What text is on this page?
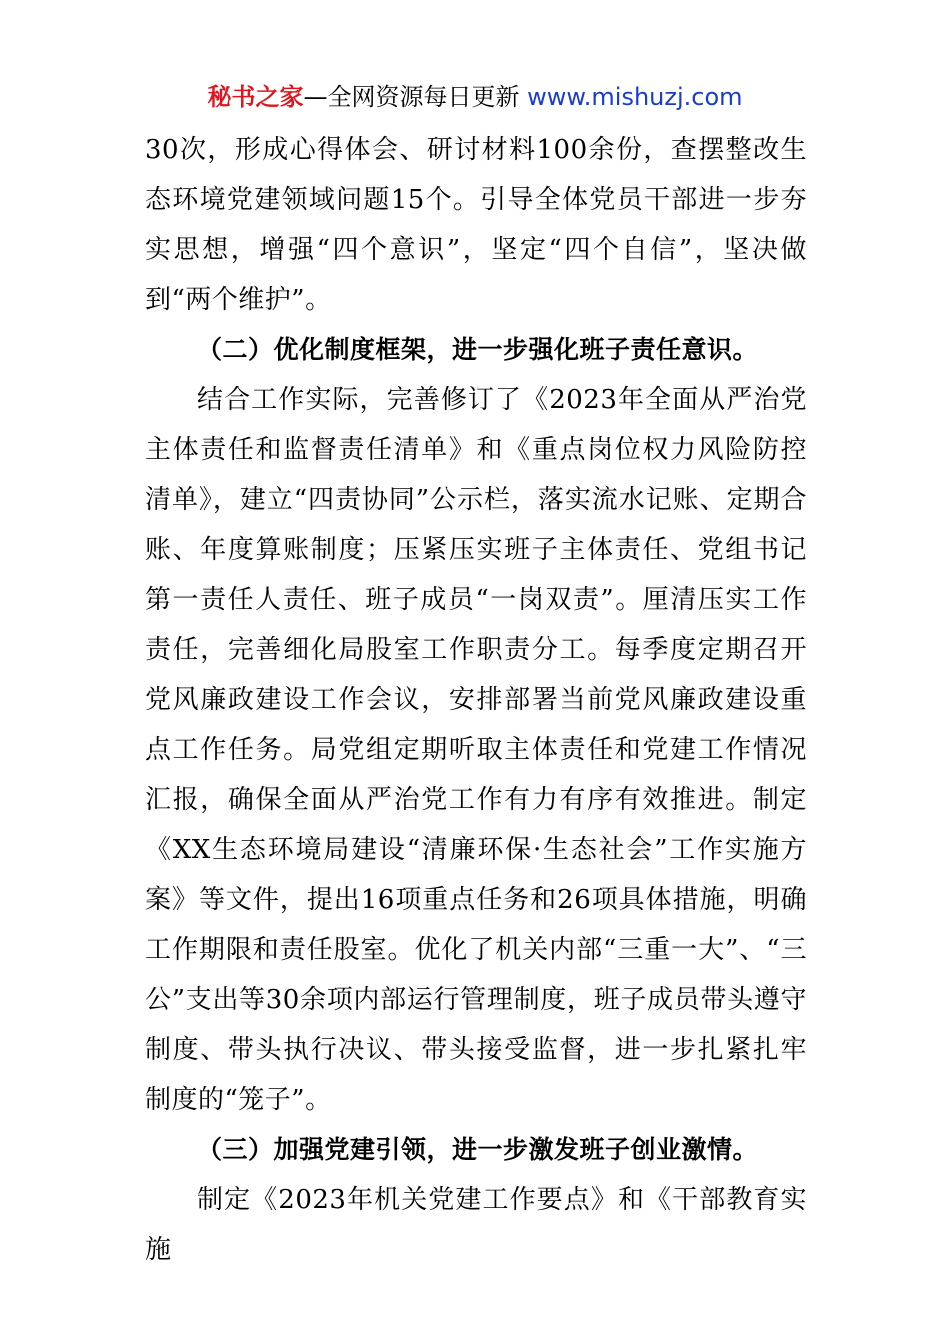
秘书之家—全网资源每日更新 www.mishuzj.com

30次，形成心得体会、研讨材料100余份，查摆整改生态环境党建领域问题15个。引导全体党员干部进一步夯实思想，增强“四个意识”，坚定“四个自信”，坚决做到“两个维护”。

（二）优化制度框架，进一步强化班子责任意识。

结合工作实际，完善修订了《2023年全面从严治党主体责任和监督责任清单》和《重点岗位权力风险防控清单》，建立“四责协同”公示栏，落实流水记账、定期合账、年度算账制度；压紧压实班子主体责任、党组书记第一责任人责任、班子成员“一岗双责”。厘清压实工作责任，完善细化局股室工作职责分工。每季度定期召开党风廉政建设工作会议，安排部署当前党风廉政建设重点工作任务。局党组定期听取主体责任和党建工作情况汇报，确保全面从严治党工作有力有序有效推进。制定《XX生态环境局建设“清廉环保·生态社会”工作实施方案》等文件，提出16项重点任务和26项具体措施，明确工作期限和责任股室。优化了机关内部“三重一大”、“三公”支出等30余项内部运行管理制度，班子成员带头遵守制度、带头执行决议、带头接受监督，进一步扎紧扎牢制度的“笼子”。

（三）加强党建引领，进一步激发班子创业激情。

制定《2023年机关党建工作要点》和《干部教育实施
